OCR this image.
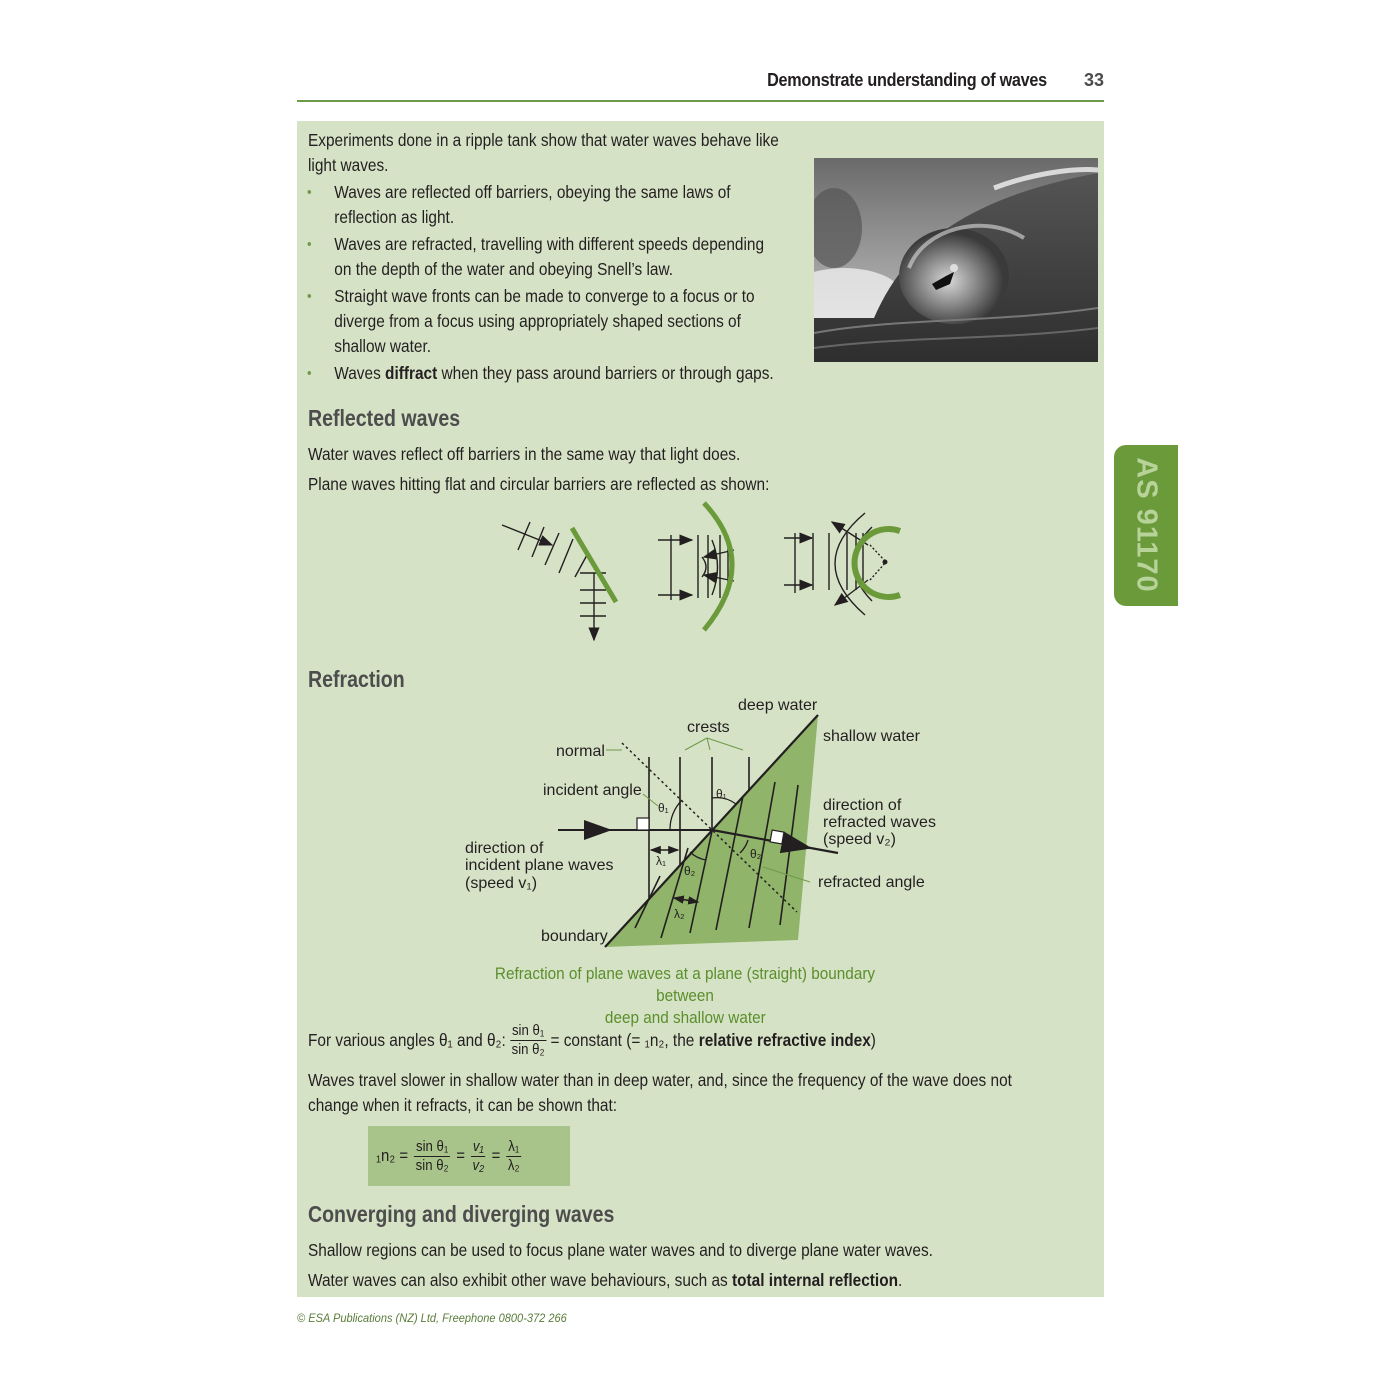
Demonstrate understanding of waves 33
Experiments done in a ripple tank show that water waves behave like
light waves.
• Waves are reflected off barriers, obeying the same laws of
reflection as light.
• Waves are refracted, travelling with different speeds depending
on the depth of the water and obeying Snell’s law.
• Straight wave fronts can be made to converge to a focus or to
diverge from a focus using appropriately shaped sections of
shallow water.
• Waves diffract when they pass around barriers or through gaps.
AS 91170
Reflected waves
Water waves reflect off barriers in the same way that light does.
Plane waves hitting flat and circular barriers are reflected as shown:
Refraction
deep water
shallow water
crests
normal
incident angle
direction of
refracted waves
(speed v₂)
direction of
incident plane waves
(speed v₁)	refracted angle
boundary
θ₁
θ₁
θ₂
θ₂
λ₁
λ₂
Refraction of plane waves at a plane (straight) boundary between
deep and shallow water
For various angles θ₁ and θ₂: $\frac{\text{sin θ₁}}{\text{sin θ₂}}$ = constant (= ₁n₂, the relative refractive index )
Waves travel slower in shallow water than in deep water, and, since the frequency of the wave does not
change when it refracts, it can be shown that:
$_1n_2 = \frac{\text{sin θ₁}}{\text{sin θ₂}} = \frac{\text{v₁}}{\text{v₂}} = \frac{\text{λ₁}}{\text{λ₂}}$
Converging and diverging waves
Shallow regions can be used to focus plane water waves and to diverge plane water waves.
Water waves can also exhibit other wave behaviours, such as total internal reflection.
© ESA Publications (NZ) Ltd, Freephone 0800-372 266
